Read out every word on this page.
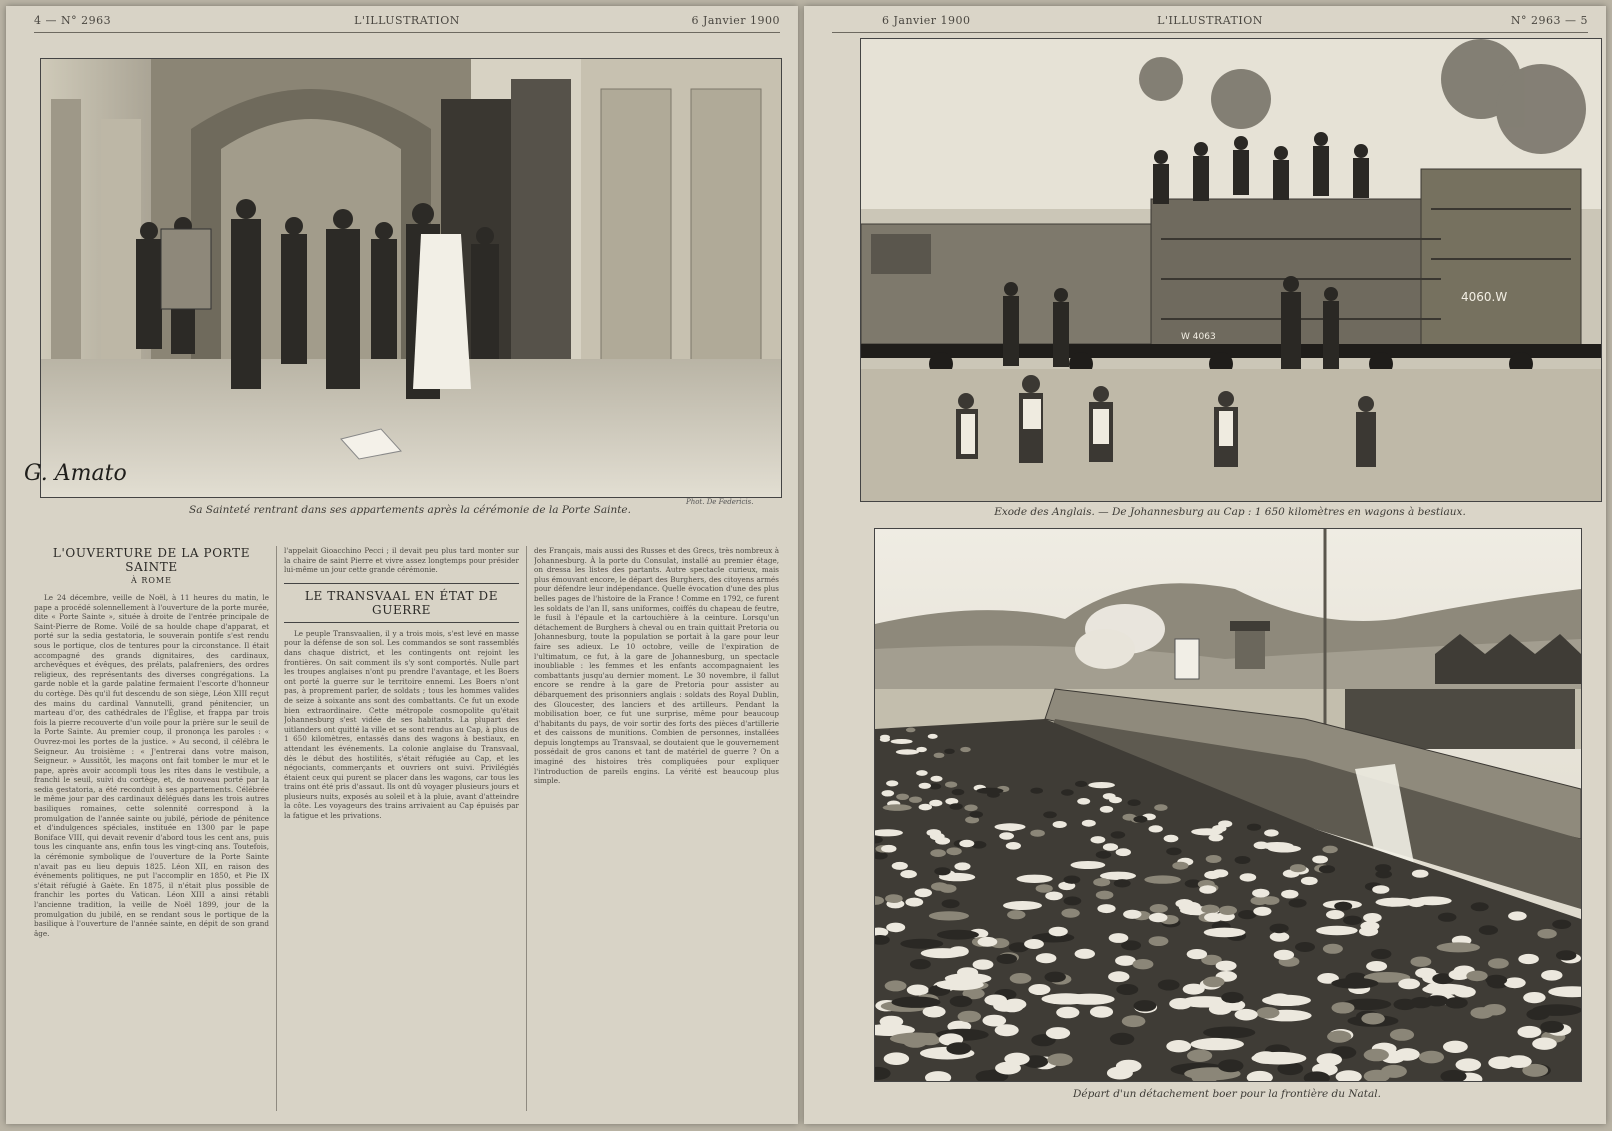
4 — N° 2963	L'ILLUSTRATION	6 Janvier 1900
G. Amato
Phot. De Federicis.
Sa Sainteté rentrant dans ses appartements après la cérémonie de la Porte Sainte.
L'OUVERTURE DE LA PORTE SAINTE
À ROME

Le 24 décembre, veille de Noël, à 11 heures du matin, le pape a procédé solennellement à l'ouverture de la porte murée, dite « Porte Sainte », située à droite de l'entrée principale de Saint-Pierre de Rome. Voilé de sa houlde chape d'apparat, et porté sur la sedia gestatoria, le souverain pontife s'est rendu sous le portique, clos de tentures pour la circonstance. Il était accompagné des grands dignitaires, des cardinaux, archevêques et évêques, des prélats, palafreniers, des ordres religieux, des représentants des diverses congrégations. La garde noble et la garde palatine fermaient l'escorte d'honneur du cortège. Dès qu'il fut descendu de son siège, Léon XIII reçut des mains du cardinal Vannutelli, grand pénitencier, un marteau d'or, des cathédrales de l'Église, et frappa par trois fois la pierre recouverte d'un voile pour la prière sur le seuil de la Porte Sainte. Au premier coup, il prononça les paroles : « Ouvrez-moi les portes de la justice. » Au second, il célébra le Seigneur. Au troisième : « J'entrerai dans votre maison, Seigneur. » Aussitôt, les maçons ont fait tomber le mur et le pape, après avoir accompli tous les rites dans le vestibule, a franchi le seuil, suivi du cortège, et, de nouveau porté par la sedia gestatoria, a été reconduit à ses appartements. Célébrée le même jour par des cardinaux délégués dans les trois autres basiliques romaines, cette solennité correspond à la promulgation de l'année sainte ou jubilé, période de pénitence et d'indulgences spéciales, instituée en 1300 par le pape Boniface VIII, qui devait revenir d'abord tous les cent ans, puis tous les cinquante ans, enfin tous les vingt-cinq ans. Toutefois, la cérémonie symbolique de l'ouverture de la Porte Sainte n'avait pas eu lieu depuis 1825. Léon XII, en raison des événements politiques, ne put l'accomplir en 1850, et Pie IX s'était réfugié à Gaète. En 1875, il n'était plus possible de franchir les portes du Vatican. Léon XIII a ainsi rétabli l'ancienne tradition, la veille de Noël 1899, jour de la promulgation du jubilé, en se rendant sous le portique de la basilique à l'ouverture de l'année sainte, en dépit de son grand âge.

l'appelait Gioacchino Pecci ; il devait peu plus tard monter sur la chaire de saint Pierre et vivre assez longtemps pour présider lui-même un jour cette grande cérémonie.

LE TRANSVAAL EN ÉTAT DE GUERRE

Le peuple Transvaalien, il y a trois mois, s'est levé en masse pour la défense de son sol. Les commandos se sont rassemblés dans chaque district, et les contingents ont rejoint les frontières. On sait comment ils s'y sont comportés. Nulle part les troupes anglaises n'ont pu prendre l'avantage, et les Boers ont porté la guerre sur le territoire ennemi. Les Boers n'ont pas, à proprement parler, de soldats ; tous les hommes valides de seize à soixante ans sont des combattants. Ce fut un exode bien extraordinaire. Cette métropole cosmopolite qu'était Johannesburg s'est vidée de ses habitants. La plupart des uitlanders ont quitté la ville et se sont rendus au Cap, à plus de 1 650 kilomètres, entassés dans des wagons à bestiaux, en attendant les événements. La colonie anglaise du Transvaal, dès le début des hostilités, s'était réfugiée au Cap, et les négociants, commerçants et ouvriers ont suivi. Privilégiés étaient ceux qui purent se placer dans les wagons, car tous les trains ont été pris d'assaut. Ils ont dû voyager plusieurs jours et plusieurs nuits, exposés au soleil et à la pluie, avant d'atteindre la côte. Les voyageurs des trains arrivaient au Cap épuisés par la fatigue et les privations.

des Français, mais aussi des Russes et des Grecs, très nombreux à Johannesburg. À la porte du Consulat, installé au premier étage, on dressa les listes des partants. Autre spectacle curieux, mais plus émouvant encore, le départ des Burghers, des citoyens armés pour défendre leur indépendance. Quelle évocation d'une des plus belles pages de l'histoire de la France ! Comme en 1792, ce furent les soldats de l'an II, sans uniformes, coiffés du chapeau de feutre, le fusil à l'épaule et la cartouchière à la ceinture. Lorsqu'un détachement de Burghers à cheval ou en train quittait Pretoria ou Johannesburg, toute la population se portait à la gare pour leur faire ses adieux. Le 10 octobre, veille de l'expiration de l'ultimatum, ce fut, à la gare de Johannesburg, un spectacle inoubliable : les femmes et les enfants accompagnaient les combattants jusqu'au dernier moment. Le 30 novembre, il fallut encore se rendre à la gare de Pretoria pour assister au débarquement des prisonniers anglais : soldats des Royal Dublin, des Gloucester, des lanciers et des artilleurs. Pendant la mobilisation boer, ce fut une surprise, même pour beaucoup d'habitants du pays, de voir sortir des forts des pièces d'artillerie et des caissons de munitions. Combien de personnes, installées depuis longtemps au Transvaal, se doutaient que le gouvernement possédait de gros canons et tant de matériel de guerre ? On a imaginé des histoires très compliquées pour expliquer l'introduction de pareils engins. La vérité est beaucoup plus simple.

6 Janvier 1900	L'ILLUSTRATION	N° 2963 — 5
4060.W
W 4063
Exode des Anglais. — De Johannesburg au Cap : 1 650 kilomètres en wagons à bestiaux.
Départ d'un détachement boer pour la frontière du Natal.
